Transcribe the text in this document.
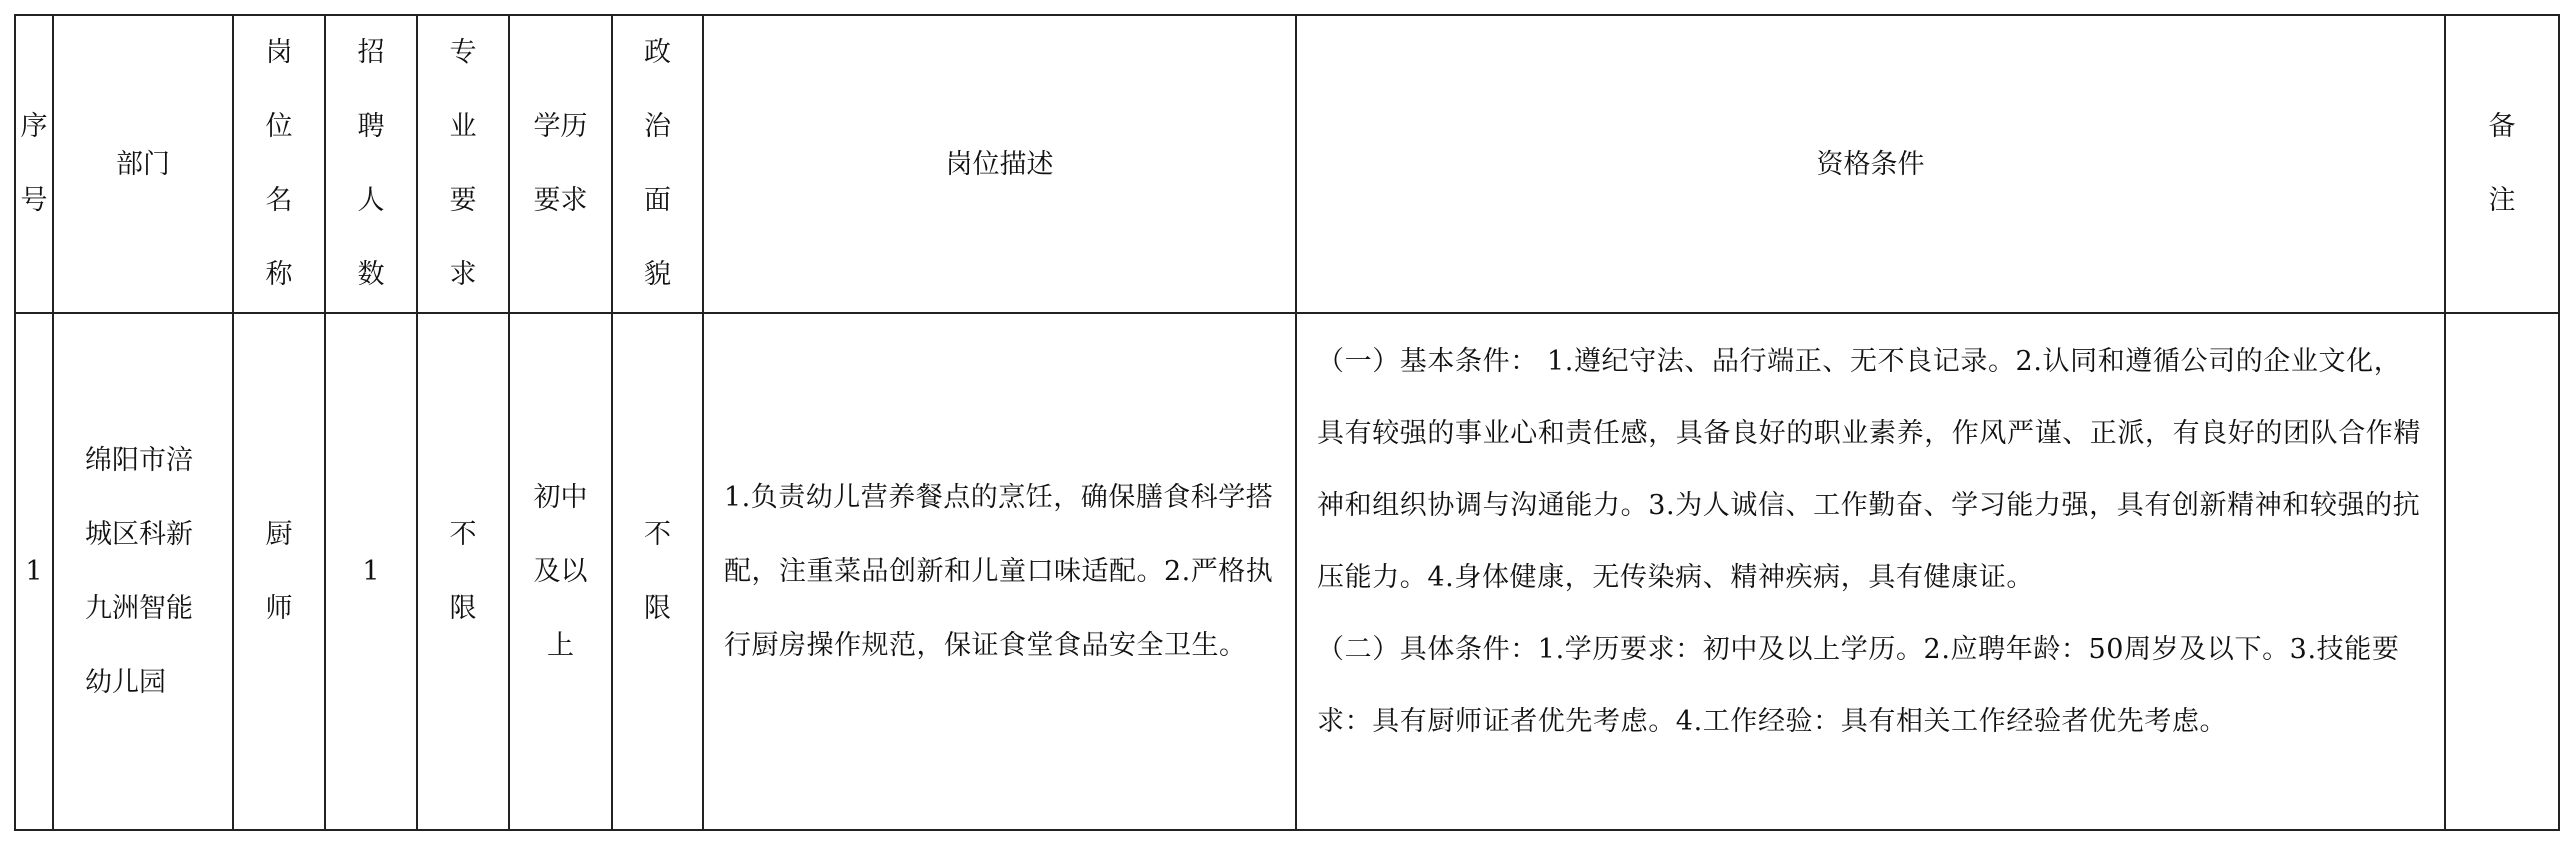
序号	部门	岗位名称	招聘人数	专业要求	学历要求	政治面貌	岗位描述	资格条件	备注
1	绵阳市涪城区科新九洲智能幼儿园	厨师	1	不限	初中及以上	不限	1.负责幼儿营养餐点的烹饪，确保膳食科学搭配，注重菜品创新和儿童口味适配。2.严格执行厨房操作规范，保证食堂食品安全卫生。	（一）基本条件： 1.遵纪守法、品行端正、无不良记录。2.认同和遵循公司的企业文化，具有较强的事业心和责任感，具备良好的职业素养，作风严谨、正派，有良好的团队合作精神和组织协调与沟通能力。3.为人诚信、工作勤奋、学习能力强，具有创新精神和较强的抗压能力。4.身体健康，无传染病、精神疾病，具有健康证。
（二）具体条件：1.学历要求：初中及以上学历。2.应聘年龄：50周岁及以下。3.技能要求：具有厨师证者优先考虑。4.工作经验：具有相关工作经验者优先考虑。	
